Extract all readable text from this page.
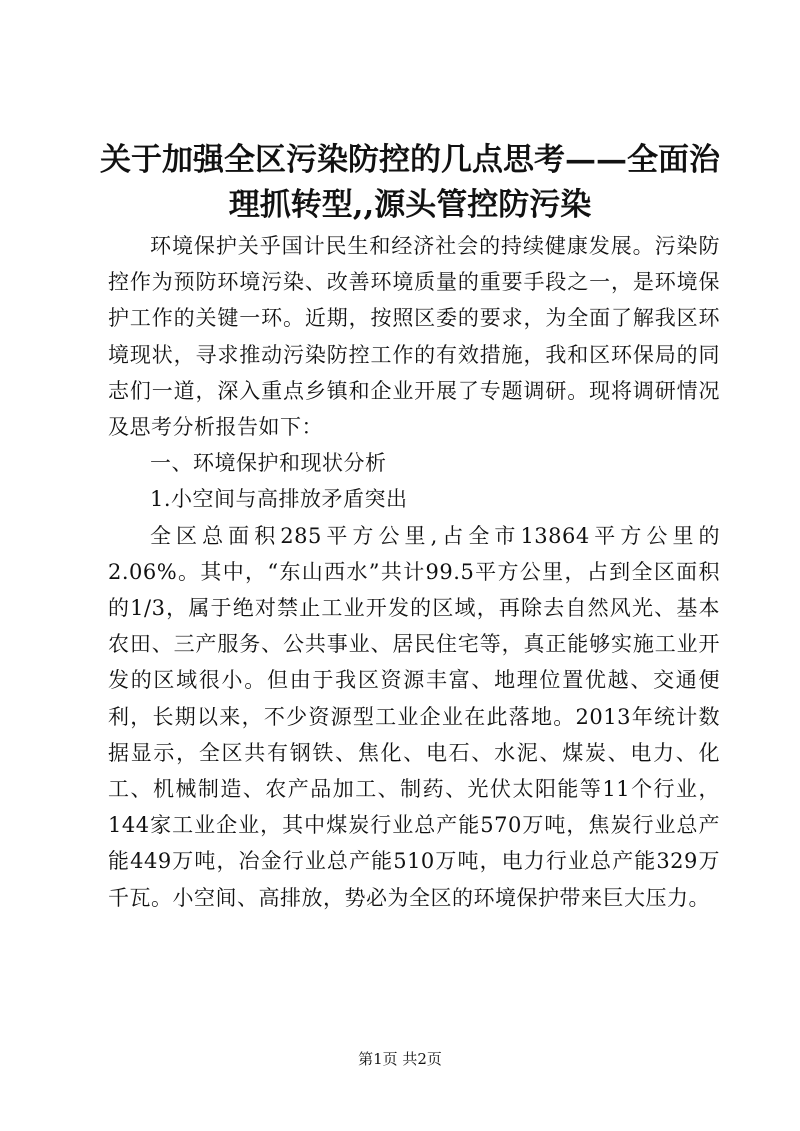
关于加强全区污染防控的几点思考——全面治理抓转型,,源头管控防污染

环境保护关乎国计民生和经济社会的持续健康发展。污染防控作为预防环境污染、改善环境质量的重要手段之一，是环境保护工作的关键一环。近期，按照区委的要求，为全面了解我区环境现状，寻求推动污染防控工作的有效措施，我和区环保局的同志们一道，深入重点乡镇和企业开展了专题调研。现将调研情况及思考分析报告如下：

一、环境保护和现状分析

1.小空间与高排放矛盾突出

全区总面积285平方公里,占全市13864平方公里的2.06%。其中，“东山西水”共计99.5平方公里，占到全区面积的1/3，属于绝对禁止工业开发的区域，再除去自然风光、基本农田、三产服务、公共事业、居民住宅等，真正能够实施工业开发的区域很小。但由于我区资源丰富、地理位置优越、交通便利，长期以来，不少资源型工业企业在此落地。2013年统计数据显示，全区共有钢铁、焦化、电石、水泥、煤炭、电力、化工、机械制造、农产品加工、制药、光伏太阳能等11个行业，144家工业企业，其中煤炭行业总产能570万吨，焦炭行业总产能449万吨，冶金行业总产能510万吨，电力行业总产能329万千瓦。小空间、高排放，势必为全区的环境保护带来巨大压力。

第1页 共2页
